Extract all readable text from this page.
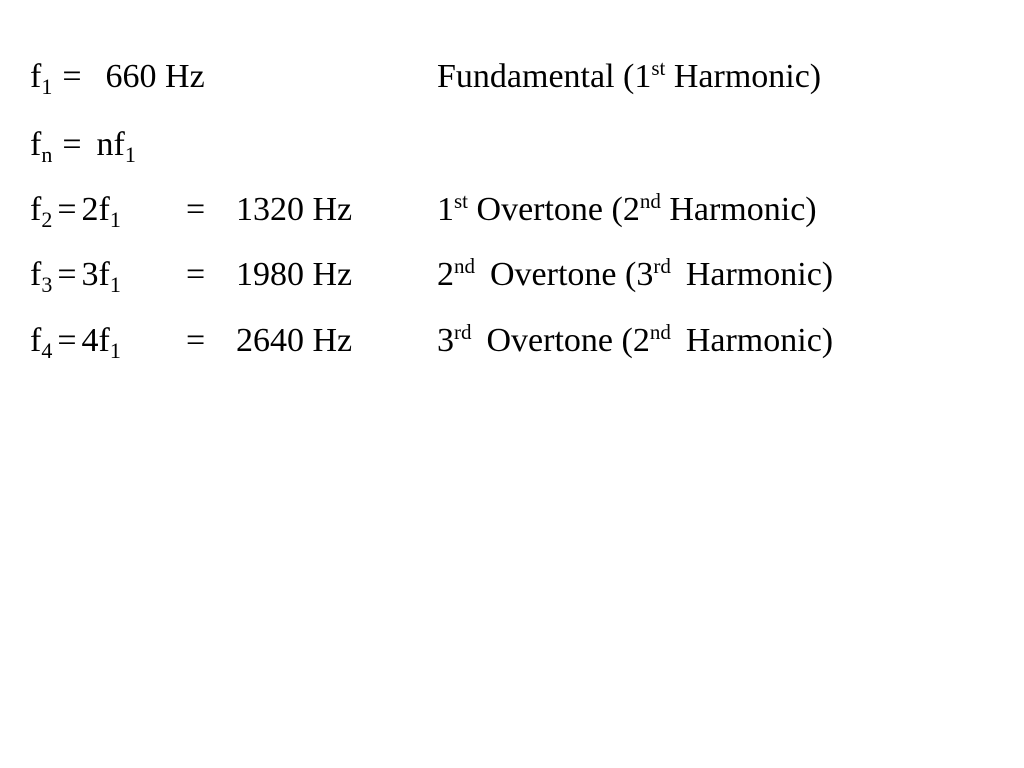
$f_1 = 660$ Hz	Fundamental (1st Harmonic)
$f_n = nf_1$
$f_2 = 2f_1 = 1320$ Hz 1st Overtone (2nd Harmonic)
$f_3 = 3f_1 = 1980$ Hz 2nd Overtone (3rd Harmonic)
$f_4 = 4f_1 = 2640$ Hz 3rd Overtone (2nd Harmonic)
